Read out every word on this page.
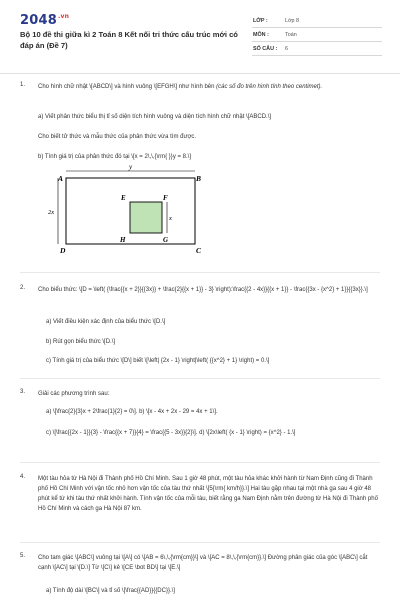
$2048^{.vn}$
Bộ 10 đề thi giữa kì 2 Toán 8 Kết nối tri thức cấu trúc mới có đáp án (Đề 7)
LỚP :	Lớp 8
MÔN :	Toán
SỐ CÂU :	6
1. Cho hình chữ nhật \[ABCD\] và hình vuông \[EFGH\] như hình bên (các số đo trên hình tính theo centimet).
a) Viết phân thức biểu thị tỉ số diện tích hình vuông và diện tích hình chữ nhật \[ABCD.\]
Cho biết tử thức và mẫu thức của phân thức vừa tìm được.
b) Tính giá trị của phân thức đó tại \[x = 2\,\,{\rm{ }}y = 8.\]
y
2x
x
A	B
C
D
E	F
G
H
2. Cho biểu thức: \[D = \left( {\frac{{x + 2}}{{3x}} + \frac{2}{{x + 1}} - 3} \right):\frac{{2 - 4x}}{{x + 1}} - \frac{{3x - {x^2} + 1}}{{3x}}.\]
a) Viết điều kiện xác định của biểu thức \[D.\]
b) Rút gọn biểu thức \[D.\]
c) Tính giá trị của biểu thức \[D\] biết \[\left| {2x - 1} \right|\left( {{x^2} + 1} \right) = 0.\]
3. Giải các phương trình sau:
a) \[\frac{2}{3}x + 2\frac{1}{2} = 0\]. b) \[x - 4x + 2x - 29 = 4x + 1\].
c) \[\frac{{2x - 1}}{3} - \frac{{x + 7}}{4} = \frac{{5 - 3x}}{2}\]. d) \[2x\left( {x - 1} \right) = {x^2} - 1.\]
4. Một tàu hỏa từ Hà Nội đi Thành phố Hồ Chí Minh. Sau 1 giờ 48 phút, một tàu hỏa khác khởi hành từ Nam Định cũng đi Thành phố Hồ Chí Minh với vận tốc nhỏ hơn vận tốc của tàu thứ nhất \[5{\rm{ km/h}}.\] Hai tàu gặp nhau tại một nhà ga sau 4 giờ 48 phút kể từ khi tàu thứ nhất khởi hành. Tính vận tốc của mỗi tàu, biết rằng ga Nam Định nằm trên đường từ Hà Nội đi Thành phố Hồ Chí Minh và cách ga Hà Nội 87 km.
5. Cho tam giác \[ABC\] vuông tại \[A\] có \[AB = 6\,\,{\rm{cm}}\] và \[AC = 8\,\,{\rm{cm}}.\] Đường phân giác của góc \[ABC\] cắt cạnh \[AC\] tại \[D.\] Từ \[C\] kẻ \[CE \bot BD\] tại \[E.\]
a) Tính độ dài \[BC\] và tỉ số \[\frac{{AD}}{{DC}}.\]
